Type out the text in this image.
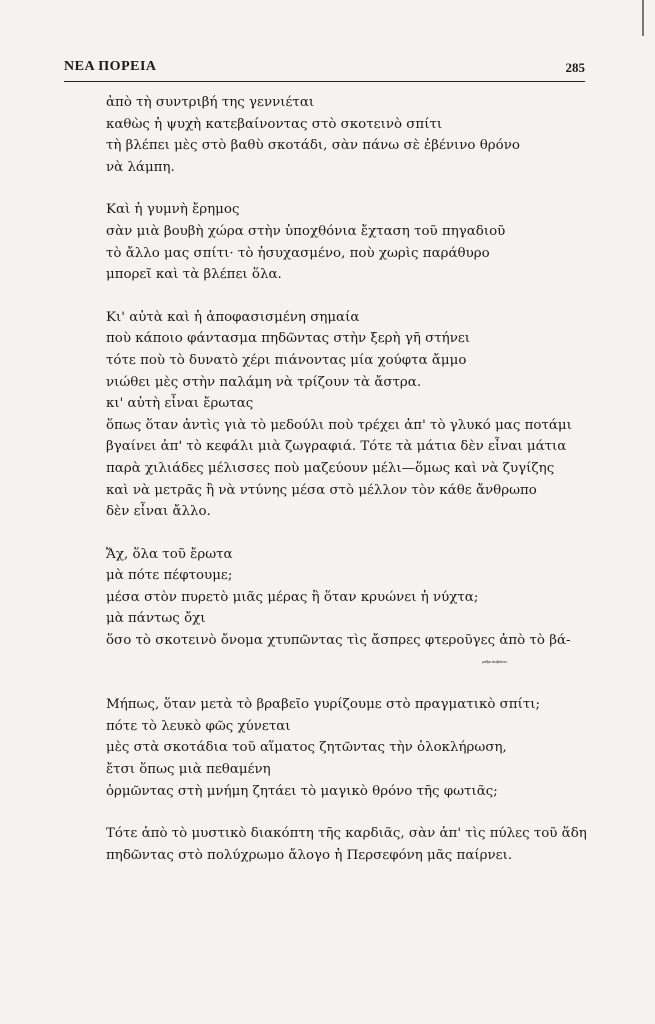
ΝΕΑ ΠΟΡΕΙΑ	285
ἀπὸ τὴ συντριβή της γεννιέται
καθὼς ἡ ψυχὴ κατεβαίνοντας στὸ σκοτεινὸ σπίτι
τὴ βλέπει μὲς στὸ βαθὺ σκοτάδι, σὰν πάνω σὲ ἐβένινο θρόνο
νὰ λάμπη.
Καὶ ἡ γυμνὴ ἔρημος
σὰν μιὰ βουβὴ χώρα στὴν ὑποχθόνια ἔχταση τοῦ πηγαδιοῦ
τὸ ἄλλο μας σπίτι· τὸ ἡσυχασμένο, ποὺ χωρὶς παράθυρο
μπορεῖ καὶ τὰ βλέπει ὅλα.
Κι' αὐτὰ καὶ ἡ ἀποφασισμένη σημαία
ποὺ κάποιο φάντασμα πηδῶντας στὴν ξερὴ γῆ στήνει
τότε ποὺ τὸ δυνατὸ χέρι πιάνοντας μία χούφτα ἄμμο
νιώθει μὲς στὴν παλάμη νὰ τρίζουν τὰ ἄστρα.
κι' αὐτὴ εἶναι ἔρωτας
ὅπως ὅταν ἀντὶς γιὰ τὸ μεδούλι ποὺ τρέχει ἀπ' τὸ γλυκό μας ποτάμι
βγαίνει ἀπ' τὸ κεφάλι μιὰ ζωγραφιά. Τότε τὰ μάτια δὲν εἶναι μάτια
παρὰ χιλιάδες μέλισσες ποὺ μαζεύουν μέλι—ὅμως καὶ νὰ ζυγίζης
καὶ νὰ μετρᾶς ἢ νὰ ντύνης μέσα στὸ μέλλον τὸν κάθε ἄνθρωπο
δὲν εἶναι ἄλλο.
Ἄχ, ὅλα τοῦ ἔρωτα
μὰ πότε πέφτουμε;
μέσα στὸν πυρετὸ μιᾶς μέρας ἢ ὅταν κρυώνει ἡ νύχτα;
μὰ πάντως ὄχι
ὅσο τὸ σκοτεινὸ ὄνομα χτυπῶντας τὶς ἄσπρες φτεροῦγες ἀπὸ τὸ βά-
ραθρο ἀνεβαίνει.
Μήπως, ὅταν μετὰ τὸ βραβεῖο γυρίζουμε στὸ πραγματικὸ σπίτι;
πότε τὸ λευκὸ φῶς χύνεται
μὲς στὰ σκοτάδια τοῦ αἵματος ζητῶντας τὴν ὁλοκλήρωση,
ἔτσι ὅπως μιὰ πεθαμένη
ὁρμῶντας στὴ μνήμη ζητάει τὸ μαγικὸ θρόνο τῆς φωτιᾶς;
Τότε ἀπὸ τὸ μυστικὸ διακόπτη τῆς καρδιᾶς, σὰν ἀπ' τὶς πύλες τοῦ ἅδη
πηδῶντας στὸ πολύχρωμο ἄλογο ἡ Περσεφόνη μᾶς παίρνει.
